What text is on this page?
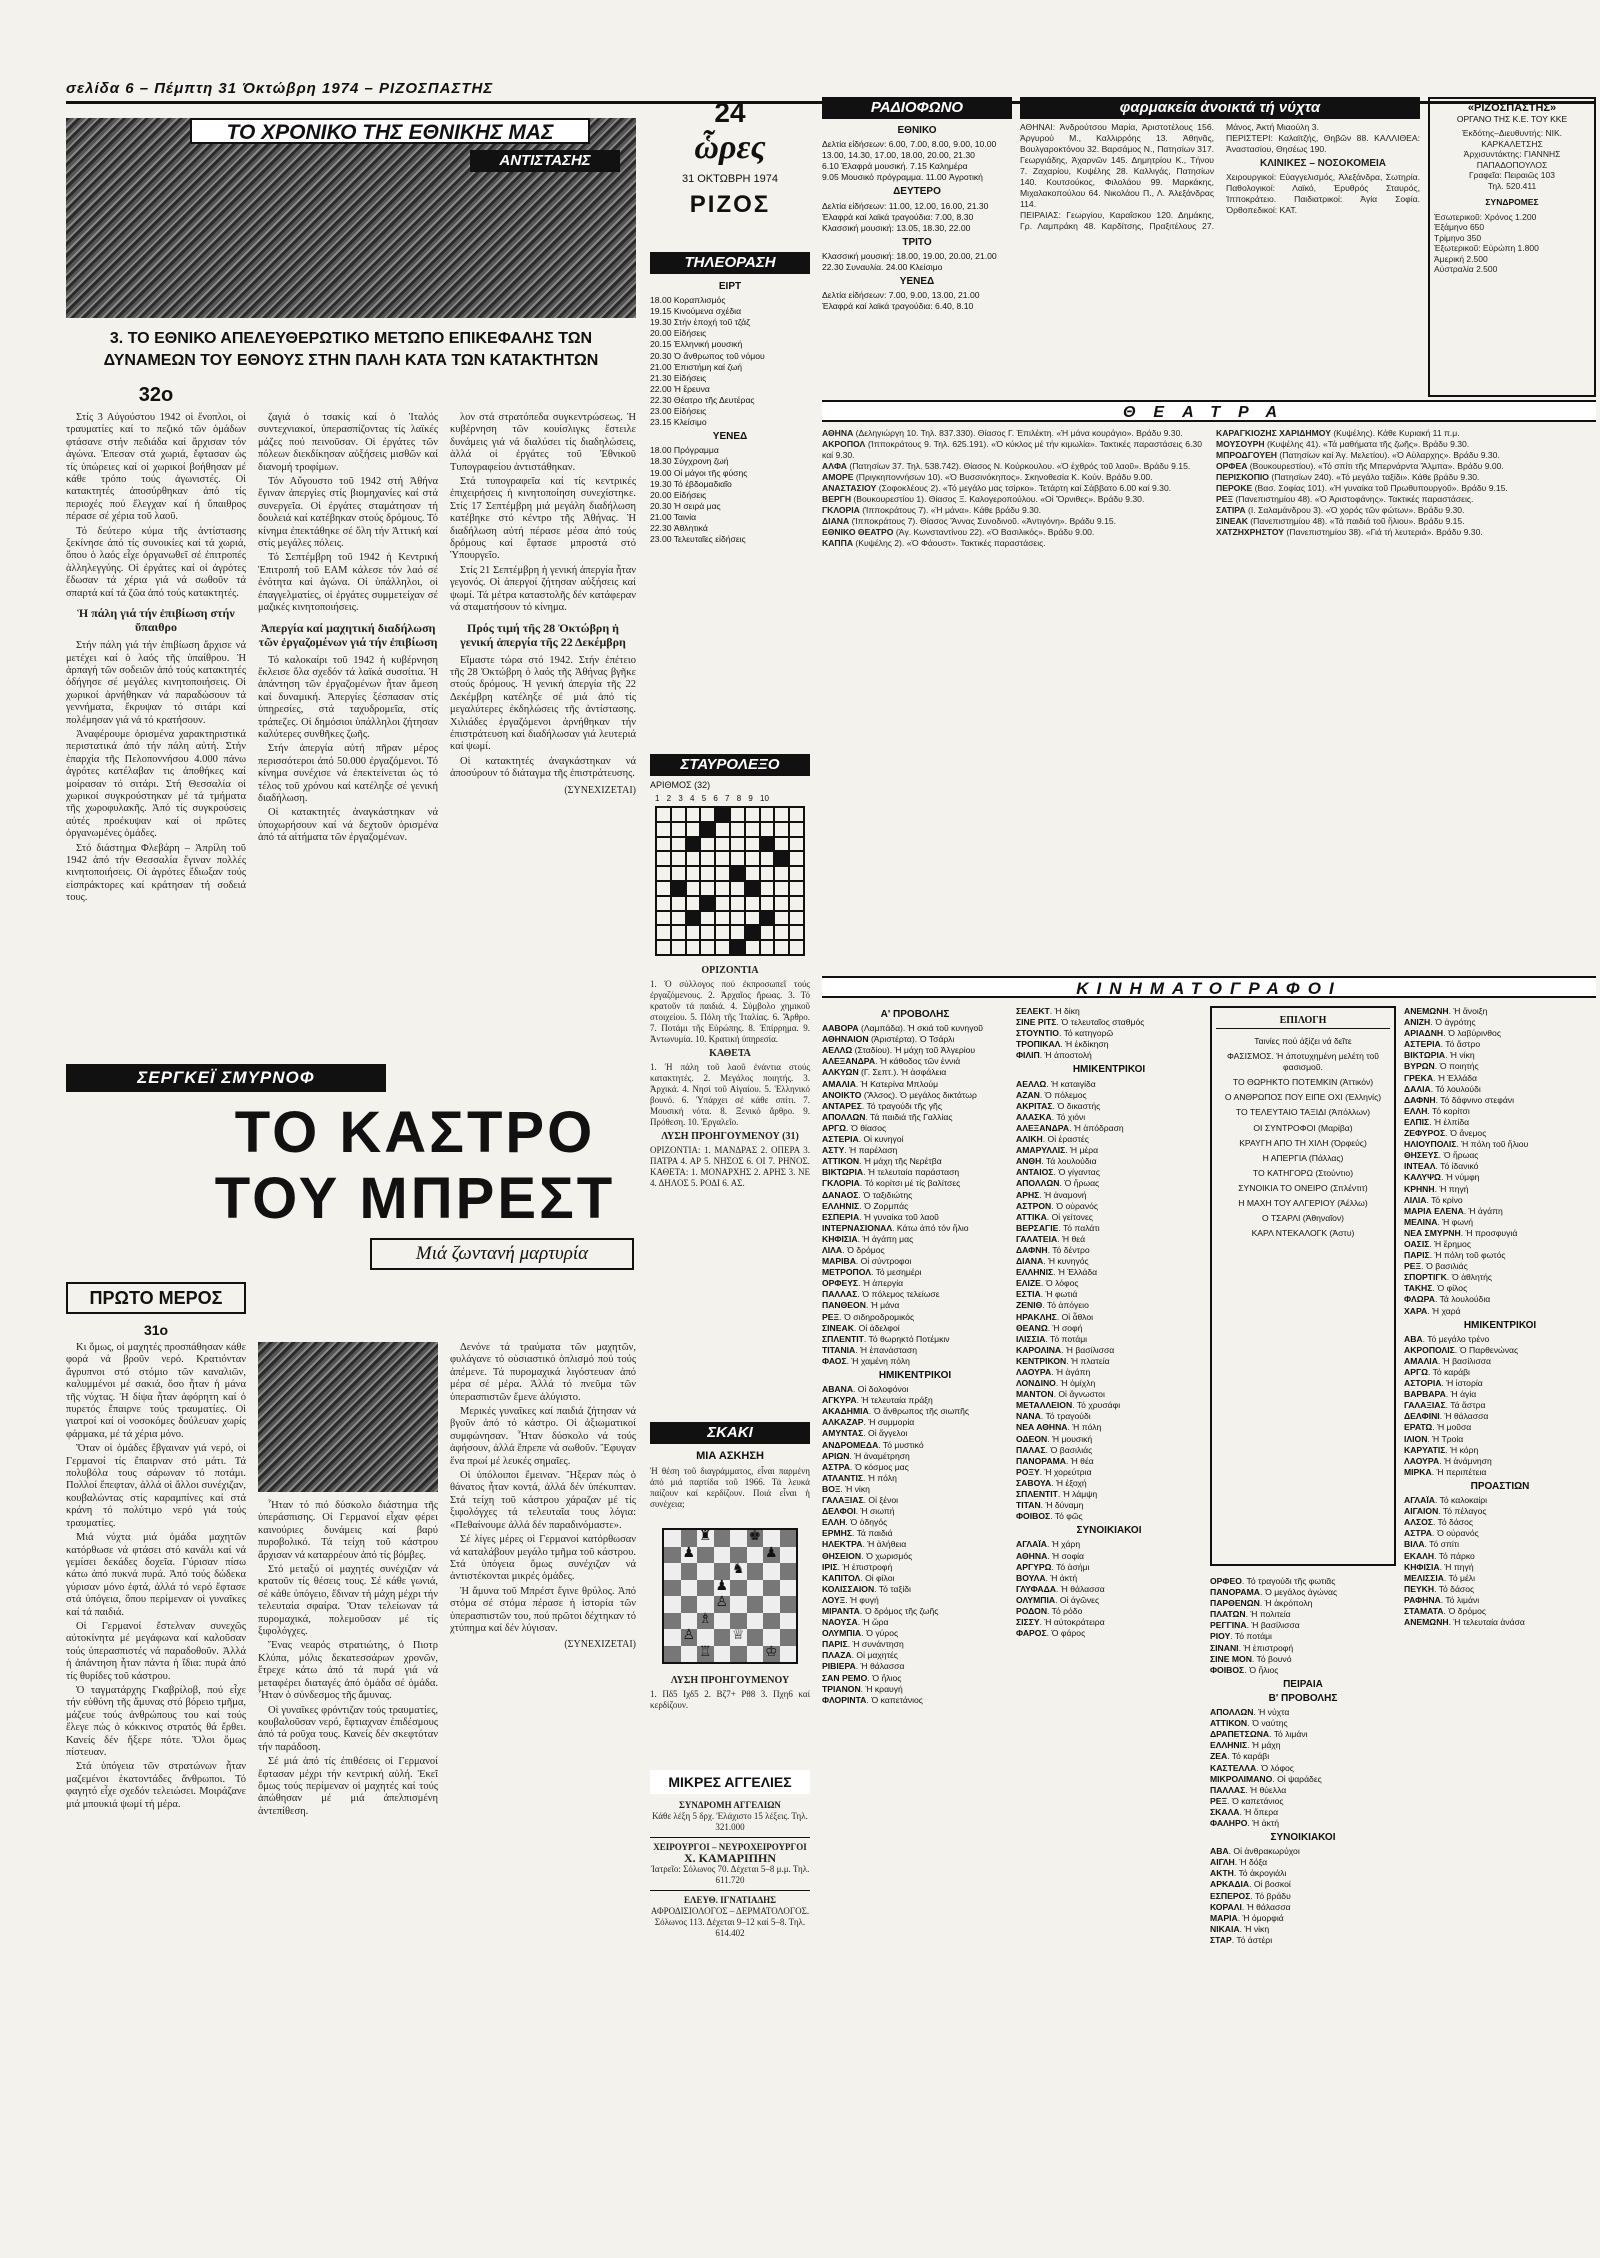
σελίδα 6 – Πέμπτη 31 Όκτώβρη 1974 – ΡΙΖΟΣΠΑΣΤΗΣ
ΤΟ ΧΡΟΝΙΚΟ ΤΗΣ ΕΘΝΙΚΗΣ ΜΑΣ
ΑΝΤΙΣΤΑΣΗΣ
3. ΤΟ ΕΘΝΙΚΟ ΑΠΕΛΕΥΘΕΡΩΤΙΚΟ ΜΕΤΩΠΟ ΕΠΙΚΕΦΑΛΗΣ ΤΩΝ ΔΥΝΑΜΕΩΝ ΤΟΥ ΕΘΝΟΥΣ ΣΤΗΝ ΠΑΛΗ ΚΑΤΑ ΤΩΝ ΚΑΤΑΚΤΗΤΩΝ
32ο

Στίς 3 Αὐγούστου 1942 οἱ ἔνοπλοι, οἱ τραυματίες καί το πεζικό τῶν ὁμάδων φτάσανε στήν πεδιάδα καί ἄρχισαν τόν ἀγώνα. Ἐπεσαν στά χωριά, ἔφτασαν ὡς τίς ὑπώρειες καί οἱ χωρικοί βοήθησαν μέ κάθε τρόπο τούς ἀγωνιστές. Οἱ κατακτητές ἀποσύρθηκαν ἀπό τίς περιοχές πού ἔλεγχαν καί ἡ ὕπαιθρος πέρασε σέ χέρια τοῦ λαοῦ.

Τό δεύτερο κύμα τῆς ἀντίστασης ξεκίνησε ἀπό τίς συνοικίες καί τά χωριά, ὅπου ὁ λαός εἶχε ὀργανωθεῖ σέ ἐπιτροπές ἀλληλεγγύης. Οἱ ἐργάτες καί οἱ ἀγρότες ἔδωσαν τά χέρια γιά νά σωθοῦν τά σπαρτά καί τά ζῶα ἀπό τούς κατακτητές.

Ἡ πάλη γιά τήν ἐπιβίωση στήν ὕπαιθρο

Στήν πάλη γιά τήν ἐπιβίωση ἄρχισε νά μετέχει καί ὁ λαός τῆς ὑπαίθρου. Ἡ ἀρπαγή τῶν σοδειῶν ἀπό τούς κατακτητές ὁδήγησε σέ μεγάλες κινητοποιήσεις. Οἱ χωρικοί ἀρνήθηκαν νά παραδώσουν τά γεννήματα, ἔκρυψαν τό σιτάρι καί πολέμησαν γιά νά τό κρατήσουν.

Ἀναφέρουμε ὁρισμένα χαρακτηριστικά περιστατικά ἀπό τήν πάλη αὐτή. Στήν ἐπαρχία τῆς Πελοποννήσου 4.000 πάνω ἀγρότες κατέλαβαν τις ἀποθήκες καί μοίρασαν τό σιτάρι. Στή Θεσσαλία οἱ χωρικοί συγκρούστηκαν μέ τά τμήματα τῆς χωροφυλακῆς. Ἀπό τίς συγκρούσεις αὐτές προέκυψαν καί οἱ πρῶτες ὀργανωμένες ὁμάδες.

Στό διάστημα Φλεβάρη – Ἀπρίλη τοῦ 1942 ἀπό τήν Θεσσαλία ἔγιναν πολλές κινητοποιήσεις. Οἱ ἀγρότες ἔδιωξαν τούς εἰσπράκτορες καί κράτησαν τή σοδειά τους.

ζαγιά ὁ τσακίς καί ὁ Ἰταλός συντεχνιακοί, ὑπερασπίζοντας τίς λαϊκές μάζες πού πεινοῦσαν. Οἱ ἐργάτες τῶν πόλεων διεκδίκησαν αὐξήσεις μισθῶν καί διανομή τροφίμων.

Τόν Αὔγουστο τοῦ 1942 στή Ἀθήνα ἔγιναν ἀπεργίες στίς βιομηχανίες καί στά συνεργεῖα. Οἱ ἐργάτες σταμάτησαν τή δουλειά καί κατέβηκαν στούς δρόμους. Τό κίνημα ἐπεκτάθηκε σέ ὅλη τήν Ἀττική καί στίς μεγάλες πόλεις.

Τό Σεπτέμβρη τοῦ 1942 ἡ Κεντρική Ἐπιτροπή τοῦ ΕΑΜ κάλεσε τόν λαό σέ ἐνότητα καί ἀγώνα. Οἱ ὑπάλληλοι, οἱ ἐπαγγελματίες, οἱ ἐργάτες συμμετείχαν σέ μαζικές κινητοποιήσεις.

Ἀπεργία καί μαχητική διαδήλωση τῶν ἐργαζομένων γιά τήν ἐπιβίωση

Τό καλοκαίρι τοῦ 1942 ἡ κυβέρνηση ἔκλεισε ὅλα σχεδόν τά λαϊκά συσσίτια. Ἡ ἀπάντηση τῶν ἐργαζομένων ἦταν ἄμεση καί δυναμική. Ἀπεργίες ξέσπασαν στίς ὑπηρεσίες, στά ταχυδρομεῖα, στίς τράπεζες. Οἱ δημόσιοι ὑπάλληλοι ζήτησαν καλύτερες συνθῆκες ζωῆς.

Στήν ἀπεργία αὐτή πῆραν μέρος περισσότεροι ἀπό 50.000 ἐργαζόμενοι. Τό κίνημα συνέχισε νά ἐπεκτείνεται ὡς τό τέλος τοῦ χρόνου καί κατέληξε σέ γενική διαδήλωση.

Οἱ κατακτητές ἀναγκάστηκαν νά ὑποχωρήσουν καί νά δεχτοῦν ὁρισμένα ἀπό τά αἰτήματα τῶν ἐργαζομένων.

λον στά στρατόπεδα συγκεντρώσεως. Ἡ κυβέρνηση τῶν κουίσλιγκς ἔστειλε δυνάμεις γιά νά διαλύσει τίς διαδηλώσεις, ἀλλά οἱ ἐργάτες τοῦ Ἐθνικοῦ Τυπογραφείου ἀντιστάθηκαν.

Στά τυπογραφεῖα καί τίς κεντρικές ἐπιχειρήσεις ἡ κινητοποίηση συνεχίστηκε. Στίς 17 Σεπτέμβρη μιά μεγάλη διαδήλωση κατέβηκε στό κέντρο τῆς Ἀθήνας. Ἡ διαδήλωση αὐτή πέρασε μέσα ἀπό τούς δρόμους καί ἔφτασε μπροστά στό Ὑπουργεῖο.

Στίς 21 Σεπτέμβρη ἡ γενική ἀπεργία ἦταν γεγονός. Οἱ ἀπεργοί ζήτησαν αὐξήσεις καί ψωμί. Τά μέτρα καταστολῆς δέν κατάφεραν νά σταματήσουν τό κίνημα.

Πρός τιμή τῆς 28 Ὀκτώβρη ἡ γενική ἀπεργία τῆς 22 Δεκέμβρη

Εἴμαστε τώρα στό 1942. Στήν ἐπέτειο τῆς 28 Ὀκτώβρη ὁ λαός τῆς Ἀθήνας βγῆκε στούς δρόμους. Ἡ γενική ἀπεργία τῆς 22 Δεκέμβρη κατέληξε σέ μιά ἀπό τίς μεγαλύτερες ἐκδηλώσεις τῆς ἀντίστασης. Χιλιάδες ἐργαζόμενοι ἀρνήθηκαν τήν ἐπιστράτευση καί διαδήλωσαν γιά λευτεριά καί ψωμί.

Οἱ κατακτητές ἀναγκάστηκαν νά ἀποσύρουν τό διάταγμα τῆς ἐπιστράτευσης.

(ΣΥΝΕΧΙΖΕΤΑΙ)
ΣΕΡΓΚΕΪ ΣΜΥΡΝΟΦ
ΤΟ ΚΑΣΤΡΟ
ΤΟΥ ΜΠΡΕΣΤ
Μιά ζωντανή μαρτυρία
ΠΡΩΤΟ ΜΕΡΟΣ
31ο

Κι ὅμως, οἱ μαχητές προσπάθησαν κάθε φορά νά βροῦν νερό. Κρατιόνταν ἄγρυπνοι στό στόμιο τῶν καναλιῶν, καλυμμένοι μέ σακιά, ὅσο ἦταν ἡ μάνα τῆς νύχτας. Ἡ δίψα ἦταν ἀφόρητη καί ὁ πυρετός ἔπαιρνε τούς τραυματίες. Οἱ γιατροί καί οἱ νοσοκόμες δούλευαν χωρίς φάρμακα, μέ τά χέρια μόνο.

Ὅταν οἱ ὁμάδες ἔβγαιναν γιά νερό, οἱ Γερμανοί τίς ἔπαιρναν στό μάτι. Τά πολυβόλα τους σάρωναν τό ποτάμι. Πολλοί ἔπεφταν, ἀλλά οἱ ἄλλοι συνέχιζαν, κουβαλώντας στίς καραμπίνες καί στά κράνη τό πολύτιμο νερό γιά τούς τραυματίες.

Μιά νύχτα μιά ὁμάδα μαχητῶν κατόρθωσε νά φτάσει στό κανάλι καί νά γεμίσει δεκάδες δοχεῖα. Γύρισαν πίσω κάτω ἀπό πυκνά πυρά. Ἀπό τούς δώδεκα γύρισαν μόνο ἑφτά, ἀλλά τό νερό ἔφτασε στά ὑπόγεια, ὅπου περίμεναν οἱ γυναῖκες καί τά παιδιά.

Οἱ Γερμανοί ἔστελναν συνεχῶς αὐτοκίνητα μέ μεγάφωνα καί καλοῦσαν τούς ὑπερασπιστές νά παραδοθοῦν. Ἀλλά ἡ ἀπάντηση ἦταν πάντα ἡ ἴδια: πυρά ἀπό τίς θυρίδες τοῦ κάστρου.

Ὁ ταγματάρχης Γκαβρίλοβ, πού εἶχε τήν εὐθύνη τῆς ἄμυνας στό βόρειο τμῆμα, μάζευε τούς ἀνθρώπους του καί τούς ἔλεγε πώς ὁ κόκκινος στρατός θά ἔρθει. Κανείς δέν ἤξερε πότε. Ὅλοι ὅμως πίστευαν.

Στά ὑπόγεια τῶν στρατώνων ἦταν μαζεμένοι ἑκατοντάδες ἄνθρωποι. Τό φαγητό εἶχε σχεδόν τελειώσει. Μοιράζανε μιά μπουκιά ψωμί τή μέρα.

Ἦταν τό πιό δύσκολο διάστημα τῆς ὑπεράσπισης. Οἱ Γερμανοί εἶχαν φέρει καινούριες δυνάμεις καί βαρύ πυροβολικό. Τά τείχη τοῦ κάστρου ἄρχισαν νά καταρρέουν ἀπό τίς βόμβες.

Στό μεταξύ οἱ μαχητές συνέχιζαν νά κρατοῦν τίς θέσεις τους. Σέ κάθε γωνιά, σέ κάθε ὑπόγειο, ἔδιναν τή μάχη μέχρι τήν τελευταία σφαίρα. Ὅταν τελείωναν τά πυρομαχικά, πολεμοῦσαν μέ τίς ξιφολόγχες.

Ἕνας νεαρός στρατιώτης, ὁ Πιοτρ Κλύπα, μόλις δεκατεσσάρων χρονῶν, ἔτρεχε κάτω ἀπό τά πυρά γιά νά μεταφέρει διαταγές ἀπό ὁμάδα σέ ὁμάδα. Ἦταν ὁ σύνδεσμος τῆς ἄμυνας.

Οἱ γυναῖκες φρόντιζαν τούς τραυματίες, κουβαλοῦσαν νερό, ἔφτιαχναν ἐπιδέσμους ἀπό τά ροῦχα τους. Κανείς δέν σκεφτόταν τήν παράδοση.

Σέ μιά ἀπό τίς ἐπιθέσεις οἱ Γερμανοί ἔφτασαν μέχρι τήν κεντρική αὐλή. Ἐκεῖ ὅμως τούς περίμεναν οἱ μαχητές καί τούς ἀπώθησαν μέ μιά ἀπελπισμένη ἀντεπίθεση.

Δενόνε τά τραύματα τῶν μαχητῶν, φυλάγανε τό οὐσιαστικό ὁπλισμό πού τούς ἀπέμενε. Τά πυρομαχικά λιγόστευαν ἀπό μέρα σέ μέρα. Ἀλλά τό πνεῦμα τῶν ὑπερασπιστῶν ἔμενε ἀλύγιστο.

Μερικές γυναῖκες καί παιδιά ζήτησαν νά βγοῦν ἀπό τό κάστρο. Οἱ ἀξιωματικοί συμφώνησαν. Ἦταν δύσκολο νά τούς ἀφήσουν, ἀλλά ἔπρεπε νά σωθοῦν. Ἔφυγαν ἕνα πρωί μέ λευκές σημαῖες.

Οἱ ὑπόλοιποι ἔμειναν. Ἤξεραν πώς ὁ θάνατος ἦταν κοντά, ἀλλά δέν ὑπέκυπταν. Στά τείχη τοῦ κάστρου χάραζαν μέ τίς ξιφολόγχες τά τελευταῖα τους λόγια: «Πεθαίνουμε ἀλλά δέν παραδινόμαστε».

Σέ λίγες μέρες οἱ Γερμανοί κατόρθωσαν νά καταλάβουν μεγάλο τμῆμα τοῦ κάστρου. Στά ὑπόγεια ὅμως συνέχιζαν νά ἀντιστέκονται μικρές ὁμάδες.

Ἡ ἄμυνα τοῦ Μπρέστ ἔγινε θρύλος. Ἀπό στόμα σέ στόμα πέρασε ἡ ἱστορία τῶν ὑπερασπιστῶν του, πού πρῶτοι δέχτηκαν τό χτύπημα καί δέν λύγισαν.

(ΣΥΝΕΧΙΖΕΤΑΙ)
24
ὧρες
31 ΟΚΤΩΒΡΗ 1974
ΡΙΖΟΣ
ΤΗΛΕΟΡΑΣΗ
ΕΙΡΤ
18.00 Κοραπλισμός
19.15 Κινούμενα σχέδια
19.30 Στήν ἐποχή τοῦ τζάζ
20.00 Εἰδήσεις
20.15 Ἐλληνική μουσική
20.30 Ὁ ἄνθρωπος τοῦ νόμου
21.00 Ἐπιστήμη καί ζωή
21.30 Εἰδήσεις
22.00 Ἡ ἔρευνα
22.30 Θέατρο τῆς Δευτέρας
23.00 Εἰδήσεις
23.15 Κλείσιμο
ΥΕΝΕΔ
18.00 Πρόγραμμα
18.30 Σύγχρονη ζωή
19.00 Οἱ μάγοι τῆς φύσης
19.30 Τό ἑβδομαδιαῖο
20.00 Εἰδήσεις
20.30 Ἡ σειρά μας
21.00 Ταινία
22.30 Ἀθλητικά
23.00 Τελευταῖες εἰδήσεις
ΣΤΑΥΡΟΛΕΞΟ
ΑΡΙΘΜΟΣ (32)
1 2 3 4 5 6 7 8 9 10
ΟΡΙΖΟΝΤΙΑ

1. Ὁ σύλλογος πού ἐκπροσωπεῖ τούς ἐργαζόμενους. 2. Ἀρχαῖος ἥρωας. 3. Τό κρατοῦν τά παιδιά. 4. Σύμβολο χημικοῦ στοιχείου. 5. Πόλη τῆς Ἰταλίας. 6. Ἄρθρο. 7. Ποτάμι τῆς Εὐρώπης. 8. Ἐπίρρημα. 9. Ἀντωνυμία. 10. Κρατική ὑπηρεσία.

ΚΑΘΕΤΑ

1. Ἡ πάλη τοῦ λαοῦ ἐνάντια στούς κατακτητές. 2. Μεγάλος ποιητής. 3. Ἀρχικά. 4. Νησί τοῦ Αἰγαίου. 5. Ἑλληνικό βουνό. 6. Ὑπάρχει σέ κάθε σπίτι. 7. Μουσική νότα. 8. Ξενικό ἄρθρο. 9. Πρόθεση. 10. Ἐργαλεῖο.

ΛΥΣΗ ΠΡΟΗΓΟΥΜΕΝΟΥ (31)

ΟΡΙΖΟΝΤΙΑ: 1. ΜΑΝΔΡΑΣ 2. ΟΠΕΡΑ 3. ΠΑΤΡΑ 4. ΑΡ 5. ΝΗΣΟΣ 6. ΟΙ 7. ΡΗΝΟΣ. ΚΑΘΕΤΑ: 1. ΜΟΝΑΡΧΗΣ 2. ΑΡΗΣ 3. ΝΕ 4. ΔΗΛΟΣ 5. ΡΟΔΙ 6. ΑΣ.

ΣΚΑΚΙ
ΜΙΑ ΑΣΚΗΣΗ

Ἡ θέση τοῦ διαγράμματος, εἶναι παρμένη ἀπό μιά παρτίδα τοῦ 1966. Τά λευκά παίζουν καί κερδίζουν. Ποιά εἶναι ἡ συνέχεια;

♜	♚
♟	♟
♞
♟
♙
♗
♙	♕
♖	♔
ΛΥΣΗ ΠΡΟΗΓΟΥΜΕΝΟΥ

1. Πδ5 Ιχδ5 2. Βζ7+ Ρθ8 3. Πχη6 καί κερδίζουν.

ΜΙΚΡΕΣ ΑΓΓΕΛΙΕΣ
ΣΥΝΔΡΟΜΗ ΑΓΓΕΛΙΩΝ

Κάθε λέξη 5 δρχ. Ἐλάχιστο 15 λέξεις. Τηλ. 321.000

ΧΕΙΡΟΥΡΓΟΙ – ΝΕΥΡΟΧΕΙΡΟΥΡΓΟΙ
Χ. ΚΑΜΑΡΙΠΗΝ

Ἰατρεῖο: Σόλωνος 70. Δέχεται 5–8 μ.μ. Τηλ. 611.720

ΕΛΕΥΘ. ΙΓΝΑΤΙΑΔΗΣ

ΑΦΡΟΔΙΣΙΟΛΟΓΟΣ – ΔΕΡΜΑΤΟΛΟΓΟΣ. Σόλωνος 113. Δέχεται 9–12 καί 5–8. Τηλ. 614.402

ΡΑΔΙΟΦΩΝΟ
ΕΘΝΙΚΟ
Δελτία εἰδήσεων: 6.00, 7.00, 8.00, 9.00, 10.00
13.00, 14.30, 17.00, 18.00, 20.00, 21.30
6.10 Ἐλαφρά μουσική. 7.15 Καλημέρα
9.05 Μουσικό πρόγραμμα. 11.00 Ἀγροτική
ΔΕΥΤΕΡΟ
Δελτία εἰδήσεων: 11.00, 12.00, 16.00, 21.30
Ἐλαφρά καί λαϊκά τραγούδια: 7.00, 8.30
Κλασσική μουσική: 13.05, 18.30, 22.00
ΤΡΙΤΟ
Κλασσική μουσική: 18.00, 19.00, 20.00, 21.00
22.30 Συναυλία. 24.00 Κλείσιμο
ΥΕΝΕΔ
Δελτία εἰδήσεων: 7.00, 9.00, 13.00, 21.00
Ἐλαφρά καί λαϊκά τραγούδια: 6.40, 8.10
φαρμακεία ἀνοικτά τή νύχτα

ΑΘΗΝΑΙ: Ἀνδρούτσου Μαρία, Ἀριστοτέλους 156. Ἀργυρού Μ., Καλλιρρόης 13. Ἀθηνᾶς, Βουλγαροκτόνου 32. Βαρσάμος Ν., Πατησίων 317. Γεωργιάδης, Ἀχαρνῶν 145. Δημητρίου Κ., Τήνου 7. Ζαχαρίου, Κυψέλης 28. Καλλιγάς, Πατησίων 140. Κουτσούκος, Φιλολάου 99. Μαρκάκης, Μιχαλακοπούλου 64. Νικολάου Π., Λ. Ἀλεξάνδρας 114.

ΠΕΙΡΑΙΑΣ: Γεωργίου, Καραΐσκου 120. Δημάκης, Γρ. Λαμπράκη 48. Καρδίτσης, Πραξιτέλους 27. Μάνος, Ἀκτή Μιαούλη 3.

ΠΕΡΙΣΤΕΡΙ: Καλαϊτζής, Θηβῶν 88. ΚΑΛΛΙΘΕΑ: Ἀναστασίου, Θησέως 190.

ΚΛΙΝΙΚΕΣ – ΝΟΣΟΚΟΜΕΙΑ

Χειρουργικοί: Εὐαγγελισμός, Ἀλεξάνδρα, Σωτηρία. Παθολογικοί: Λαϊκό, Ἐρυθρός Σταυρός, Ἱπποκράτειο. Παιδιατρικοί: Ἀγία Σοφία. Ὀρθοπεδικοί: ΚΑΤ.

«ΡΙΖΟΣΠΑΣΤΗΣ»
ΟΡΓΑΝΟ ΤΗΣ Κ.Ε. ΤΟΥ ΚΚΕ
Ἐκδότης–Διευθυντής: ΝΙΚ. ΚΑΡΚΑΛΕΤΣΗΣ
Ἀρχισυντάκτης: ΓΙΑΝΝΗΣ ΠΑΠΑΔΟΠΟΥΛΟΣ
Γραφεῖα: Πειραιῶς 103
Τηλ. 520.411
ΣΥΝΔΡΟΜΕΣ
Ἐσωτερικοῦ: Χρόνος 1.200
Ἑξάμηνο 650
Τρίμηνο 350
Ἐξωτερικοῦ: Εὐρώπη 1.800
Ἀμερική 2.500
Αὐστραλία 2.500
ΘΕΑΤΡΑ

ΑΘΗΝΑ (Δεληγιώργη 10. Τηλ. 837.330). Θίασος Γ. Ἐπιλέκτη. «Ἡ μάνα κουράγιο». Βράδυ 9.30.

ΑΚΡΟΠΟΛ (Ἱπποκράτους 9. Τηλ. 625.191). «Ὁ κύκλος μέ τήν κιμωλία». Τακτικές παραστάσεις 6.30 καί 9.30.

ΑΛΦΑ (Πατησίων 37. Τηλ. 538.742). Θίασος Ν. Κούρκουλου. «Ὁ ἐχθρός τοῦ λαοῦ». Βράδυ 9.15.

ΑΜΟΡΕ (Πριγκηποννήσων 10). «Ὁ Βυσσινόκηπος». Σκηνοθεσία Κ. Κούν. Βράδυ 9.00.

ΑΝΑΣΤΑΣΙΟΥ (Σοφοκλέους 2). «Τό μεγάλο μας τσίρκο». Τετάρτη καί Σάββατο 6.00 καί 9.30.

ΒΕΡΓΗ (Βουκουρεστίου 1). Θίασος Ξ. Καλογεροπούλου. «Οἱ Ὄρνιθες». Βράδυ 9.30.

ΓΚΛΟΡΙΑ (Ἱπποκράτους 7). «Ἡ μάνα». Κάθε βράδυ 9.30.

ΔΙΑΝΑ (Ἱπποκράτους 7). Θίασος Ἄννας Συνοδινοῦ. «Ἀντιγόνη». Βράδυ 9.15.

ΕΘΝΙΚΟ ΘΕΑΤΡΟ (Ἀγ. Κωνσταντίνου 22). «Ὁ Βασιλικός». Βράδυ 9.00.

ΚΑΠΠΑ (Κυψέλης 2). «Ὁ Φάουστ». Τακτικές παραστάσεις.

ΚΑΡΑΓΚΙΟΖΗΣ ΧΑΡΙΔΗΜΟΥ (Κυψέλης). Κάθε Κυριακή 11 π.μ.

ΜΟΥΣΟΥΡΗ (Κυψέλης 41). «Τά μαθήματα τῆς ζωῆς». Βράδυ 9.30.

ΜΠΡΟΔΓΟΥΕΗ (Πατησίων καί Ἀγ. Μελετίου). «Ὁ Αὐλαρχης». Βράδυ 9.30.

ΟΡΦΕΑ (Βουκουρεστίου). «Τό σπίτι τῆς Μπερνάρντα Ἄλμπα». Βράδυ 9.00.

ΠΕΡΙΣΚΟΠΙΟ (Πατησίων 240). «Τό μεγάλο ταξίδι». Κάθε βράδυ 9.30.

ΠΕΡΟΚΕ (Βασ. Σοφίας 101). «Ἡ γυναίκα τοῦ Πρωθυπουργοῦ». Βράδυ 9.15.

ΡΕΞ (Πανεπιστημίου 48). «Ὁ Ἀριστοφάνης». Τακτικές παραστάσεις.

ΣΑΤΙΡΑ (Ι. Σαλαμάνδρου 3). «Ὁ χορός τῶν φώτων». Βράδυ 9.30.

ΣΙΝΕΑΚ (Πανεπιστημίου 48). «Τά παιδιά τοῦ ἥλιου». Βράδυ 9.15.

ΧΑΤΖΗΧΡΗΣΤΟΥ (Πανεπιστημίου 38). «Γιά τή λευτεριά». Βράδυ 9.30.

ΚΙΝΗΜΑΤΟΓΡΑΦΟΙ
Α' ΠΡΟΒΟΛΗΣ
ΑΑΒΟΡΑ (Λαμπάδα). Ἡ σκιά τοῦ κυνηγοῦ
ΑΘΗΝΑΙΟΝ (Ἀριστέρτα). Ὁ Τσάρλι
ΑΕΛΛΩ (Σταδίου). Ἡ μάχη τοῦ Ἀλγερίου
ΑΛΕΞΑΝΔΡΑ. Ἡ κάθοδος τῶν ἐννιά
ΑΛΚΥΩΝ (Γ. Σεπτ.). Ἡ ἀσφάλεια
ΑΜΑΛΙΑ. Ἡ Κατερίνα Μπλούμ
ΑΝΟΙΚΤΟ (Ἄλσος). Ὁ μεγάλος δικτάτωρ
ΑΝΤΑΡΕΣ. Τό τραγούδι τῆς γῆς
ΑΠΟΛΛΩΝ. Τά παιδιά τῆς Γαλλίας
ΑΡΓΩ. Ὁ θίασος
ΑΣΤΕΡΙΑ. Οἱ κυνηγοί
ΑΣΤΥ. Ἡ παρέλαση
ΑΤΤΙΚΟΝ. Ἡ μάχη τῆς Νερέτβα
ΒΙΚΤΩΡΙΑ. Ἡ τελευταία παράσταση
ΓΚΛΟΡΙΑ. Τό κορίτσι μέ τίς βαλίτσες
ΔΑΝΑΟΣ. Ὁ ταξιδιώτης
ΕΛΛΗΝΙΣ. Ὁ Ζορμπάς
ΕΣΠΕΡΙΑ. Ἡ γυναίκα τοῦ λαοῦ
ΙΝΤΕΡΝΑΣΙΟΝΑΛ. Κάτω ἀπό τόν ἥλιο
ΚΗΦΙΣΙΑ. Ἡ ἀγάπη μας
ΛΙΛΑ. Ὁ δρόμος
ΜΑΡΙΒΑ. Οἱ σύντροφοι
ΜΕΤΡΟΠΟΛ. Τό μεσημέρι
ΟΡΦΕΥΣ. Ἡ ἀπεργία
ΠΑΛΛΑΣ. Ὁ πόλεμος τελείωσε
ΠΑΝΘΕΟΝ. Ἡ μάνα
ΡΕΞ. Ὁ σιδηροδρομικός
ΣΙΝΕΑΚ. Οἱ ἀδελφοί
ΣΠΛΕΝΤΙΤ. Τό θωρηκτό Ποτέμκιν
ΤΙΤΑΝΙΑ. Ἡ ἐπανάσταση
ΦΑΟΣ. Ἡ χαμένη πόλη
ΗΜΙΚΕΝΤΡΙΚΟΙ
ΑΒΑΝΑ. Οἱ δολοφόνοι
ΑΓΚΥΡΑ. Ἡ τελευταία πράξη
ΑΚΑΔΗΜΙΑ. Ὁ ἄνθρωπος τῆς σιωπῆς
ΑΛΚΑΖΑΡ. Ἡ συμμορία
ΑΜΥΝΤΑΣ. Οἱ ἄγγελοι
ΑΝΔΡΟΜΕΔΑ. Τό μυστικό
ΑΡΙΩΝ. Ἡ ἀναμέτρηση
ΑΣΤΡΑ. Ὁ κόσμος μας
ΑΤΛΑΝΤΙΣ. Ἡ πόλη
ΒΟΞ. Ἡ νίκη
ΓΑΛΑΞΙΑΣ. Οἱ ξένοι
ΔΕΛΦΟΙ. Ἡ σιωπή
ΕΛΛΗ. Ὁ ὁδηγός
ΕΡΜΗΣ. Τά παιδιά
ΗΛΕΚΤΡΑ. Ἡ ἀλήθεια
ΘΗΣΕΙΟΝ. Ὁ χωρισμός
ΙΡΙΣ. Ἡ ἐπιστροφή
ΚΑΠΙΤΟΛ. Οἱ φίλοι
ΚΟΛΙΣΣΑΙΟΝ. Τό ταξίδι
ΛΟΥΞ. Ἡ φυγή
ΜΙΡΑΝΤΑ. Ὁ δρόμος τῆς ζωῆς
ΝΑΟΥΣΑ. Ἡ ὥρα
ΟΛΥΜΠΙΑ. Ὁ γύρος
ΠΑΡΙΣ. Ἡ συνάντηση
ΠΛΑΖΑ. Οἱ μαχητές
ΡΙΒΙΕΡΑ. Ἡ θάλασσα
ΣΑΝ ΡΕΜΟ. Ὁ ἥλιος
ΤΡΙΑΝΟΝ. Ἡ κραυγή
ΦΛΟΡΙΝΤΑ. Ὁ καπετάνιος
ΣΕΛΕΚΤ. Ἡ δίκη
ΣΙΝΕ ΡΙΤΣ. Ὁ τελευταῖος σταθμός
ΣΤΟΥΝΤΙΟ. Τό κατηγορῶ
ΤΡΟΠΙΚΑΛ. Ἡ ἐκδίκηση
ΦΙΛΙΠ. Ἡ ἀποστολή
ΗΜΙΚΕΝΤΡΙΚΟΙ
ΑΕΛΛΩ. Ἡ καταιγίδα
ΑΖΑΝ. Ὁ πόλεμος
ΑΚΡΙΤΑΣ. Ὁ δικαστής
ΑΛΑΣΚΑ. Τό χιόνι
ΑΛΕΞΑΝΔΡΑ. Ἡ ἀπόδραση
ΑΛΙΚΗ. Οἱ ἐραστές
ΑΜΑΡΥΛΛΙΣ. Ἡ μέρα
ΑΝΘΗ. Τά λουλούδια
ΑΝΤΑΙΟΣ. Ὁ γίγαντας
ΑΠΟΛΛΩΝ. Ὁ ἥρωας
ΑΡΗΣ. Ἡ ἀναμονή
ΑΣΤΡΟΝ. Ὁ οὐρανός
ΑΤΤΙΚΑ. Οἱ γείτονες
ΒΕΡΣΑΓΙΕ. Τό παλάτι
ΓΑΛΑΤΕΙΑ. Ἡ θεά
ΔΑΦΝΗ. Τό δέντρο
ΔΙΑΝΑ. Ἡ κυνηγός
ΕΛΛΗΝΙΣ. Ἡ Ἑλλάδα
ΕΛΙΖΕ. Ὁ λόφος
ΕΣΤΙΑ. Ἡ φωτιά
ΖΕΝΙΘ. Τό ἀπόγειο
ΗΡΑΚΛΗΣ. Οἱ ἆθλοι
ΘΕΑΝΩ. Ἡ σοφή
ΙΛΙΣΣΙΑ. Τό ποτάμι
ΚΑΡΟΛΙΝΑ. Ἡ βασίλισσα
ΚΕΝΤΡΙΚΟΝ. Ἡ πλατεία
ΛΑΟΥΡΑ. Ἡ ἀγάπη
ΛΟΝΔΙΝΟ. Ἡ ὁμίχλη
ΜΑΝΤΟΝ. Οἱ ἄγνωστοι
ΜΕΤΑΛΛΕΙΟΝ. Τό χρυσάφι
ΝΑΝΑ. Τό τραγούδι
ΝΕΑ ΑΘΗΝΑ. Ἡ πόλη
ΟΔΕΟΝ. Ἡ μουσική
ΠΑΛΑΣ. Ὁ βασιλιάς
ΠΑΝΟΡΑΜΑ. Ἡ θέα
ΡΟΞΥ. Ἡ χορεύτρια
ΣΑΒΟΥΑ. Ἡ ἐξοχή
ΣΠΛΕΝΤΙΤ. Ἡ λάμψη
ΤΙΤΑΝ. Ἡ δύναμη
ΦΟΙΒΟΣ. Τό φῶς
ΣΥΝΟΙΚΙΑΚΟΙ
ΑΓΛΑΪΑ. Ἡ χάρη
ΑΘΗΝΑ. Ἡ σοφία
ΑΡΓΥΡΩ. Τό ἀσήμι
ΒΟΥΛΑ. Ἡ ἀκτή
ΓΛΥΦΑΔΑ. Ἡ θάλασσα
ΟΛΥΜΠΙΑ. Οἱ ἀγῶνες
ΡΟΔΟΝ. Τό ρόδο
ΣΙΣΣΥ. Ἡ αὐτοκράτειρα
ΦΑΡΟΣ. Ὁ φάρος
ΕΠΙΛΟΓΗ

Ταινίες πού ἀξίζει νά δεῖτε

ΦΑΣΙΣΜΟΣ. Ἡ ἀποτυχημένη μελέτη τοῦ φασισμοῦ.

ΤΟ ΘΩΡΗΚΤΟ ΠΟΤΕΜΚΙΝ (Ἀττικόν)

Ο ΑΝΘΡΩΠΟΣ ΠΟΥ ΕΙΠΕ ΟΧΙ (Ἑλληνίς)

ΤΟ ΤΕΛΕΥΤΑΙΟ ΤΑΞΙΔΙ (Ἀπόλλων)

ΟΙ ΣΥΝΤΡΟΦΟΙ (Μαρίβα)

ΚΡΑΥΓΗ ΑΠΟ ΤΗ ΧΙΛΗ (Ὀρφεύς)

Η ΑΠΕΡΓΙΑ (Πάλλας)

ΤΟ ΚΑΤΗΓΟΡΩ (Στούντιο)

ΣΥΝΟΙΚΙΑ ΤΟ ΟΝΕΙΡΟ (Σπλέντιτ)

Η ΜΑΧΗ ΤΟΥ ΑΛΓΕΡΙΟΥ (Ἀέλλω)

Ο ΤΣΑΡΛΙ (Ἀθηναῖον)

ΚΑΡΛ ΝΤΕΚΑΛΟΓΚ (Ἀστυ)

ΟΡΦΕΟ. Τό τραγούδι τῆς φωτιᾶς
ΠΑΝΟΡΑΜΑ. Ὁ μεγάλος ἀγώνας
ΠΑΡΘΕΝΩΝ. Ἡ ἀκρόπολη
ΠΛΑΤΩΝ. Ἡ πολιτεία
ΡΕΓΓΙΝΑ. Ἡ βασίλισσα
ΡΙΟΥ. Τό ποτάμι
ΣΙΝΑΝΙ. Ἡ ἐπιστροφή
ΣΙΝΕ ΜΟΝ. Τό βουνό
ΦΟΙΒΟΣ. Ὁ ἥλιος
ΠΕΙΡΑΙΑ
Β' ΠΡΟΒΟΛΗΣ
ΑΠΟΛΛΩΝ. Ἡ νύχτα
ΑΤΤΙΚΟΝ. Ὁ ναύτης
ΔΡΑΠΕΤΣΩΝΑ. Τό λιμάνι
ΕΛΛΗΝΙΣ. Ἡ μάχη
ΖΕΑ. Τό καράβι
ΚΑΣΤΕΛΛΑ. Ὁ λόφος
ΜΙΚΡΟΛΙΜΑΝΟ. Οἱ ψαράδες
ΠΑΛΛΑΣ. Ἡ θύελλα
ΡΕΞ. Ὁ καπετάνιος
ΣΚΑΛΑ. Ἡ ὄπερα
ΦΑΛΗΡΟ. Ἡ ἀκτή
ΣΥΝΟΙΚΙΑΚΟΙ
ΑΒΑ. Οἱ ἀνθρακωρύχοι
ΑΙΓΛΗ. Ἡ δόξα
ΑΚΤΗ. Τό ἀκρογιάλι
ΑΡΚΑΔΙΑ. Οἱ βοσκοί
ΕΣΠΕΡΟΣ. Τό βράδυ
ΚΟΡΑΛΙ. Ἡ θάλασσα
ΜΑΡΙΑ. Ἡ ὀμορφιά
ΝΙΚΑΙΑ. Ἡ νίκη
ΣΤΑΡ. Τό ἀστέρι
ΑΝΕΜΩΝΗ. Ἡ ἄνοιξη
ΑΝΙΖΗ. Ὁ ἀγρότης
ΑΡΙΑΔΝΗ. Ὁ λαβύρινθος
ΑΣΤΕΡΙΑ. Τό ἄστρο
ΒΙΚΤΩΡΙΑ. Ἡ νίκη
ΒΥΡΩΝ. Ὁ ποιητής
ΓΡΕΚΑ. Ἡ Ἑλλάδα
ΔΑΛΙΑ. Τό λουλούδι
ΔΑΦΝΗ. Τό δάφνινο στεφάνι
ΕΛΛΗ. Τό κορίτσι
ΕΛΠΙΣ. Ἡ ἐλπίδα
ΖΕΦΥΡΟΣ. Ὁ ἄνεμος
ΗΛΙΟΥΠΟΛΙΣ. Ἡ πόλη τοῦ ἥλιου
ΘΗΣΕΥΣ. Ὁ ἥρωας
ΙΝΤΕΑΛ. Τό ἰδανικό
ΚΑΛΥΨΩ. Ἡ νύμφη
ΚΡΗΝΗ. Ἡ πηγή
ΛΙΛΙΑ. Τό κρίνο
ΜΑΡΙΑ ΕΛΕΝΑ. Ἡ ἀγάπη
ΜΕΛΙΝΑ. Ἡ φωνή
ΝΕΑ ΣΜΥΡΝΗ. Ἡ προσφυγιά
ΟΑΣΙΣ. Ἡ ἔρημος
ΠΑΡΙΣ. Ἡ πόλη τοῦ φωτός
ΡΕΞ. Ὁ βασιλιάς
ΣΠΟΡΤΙΓΚ. Ὁ ἀθλητής
ΤΑΚΗΣ. Ὁ φίλος
ΦΛΩΡΑ. Τά λουλούδια
ΧΑΡΑ. Ἡ χαρά
ΗΜΙΚΕΝΤΡΙΚΟΙ
ΑΒΑ. Τό μεγάλο τρένο
ΑΚΡΟΠΟΛΙΣ. Ὁ Παρθενώνας
ΑΜΑΛΙΑ. Ἡ βασίλισσα
ΑΡΓΩ. Τό καράβι
ΑΣΤΟΡΙΑ. Ἡ ἱστορία
ΒΑΡΒΑΡΑ. Ἡ ἁγία
ΓΑΛΑΞΙΑΣ. Τά ἄστρα
ΔΕΛΦΙΝΙ. Ἡ θάλασσα
ΕΡΑΤΩ. Ἡ μοῦσα
ΙΛΙΟΝ. Ἡ Τροία
ΚΑΡΥΑΤΙΣ. Ἡ κόρη
ΛΑΟΥΡΑ. Ἡ ἀνάμνηση
ΜΙΡΚΑ. Ἡ περιπέτεια
ΠΡΟΑΣΤΙΩΝ
ΑΓΛΑΪΑ. Τό καλοκαίρι
ΑΙΓΑΙΟΝ. Τό πέλαγος
ΑΛΣΟΣ. Τό δάσος
ΑΣΤΡΑ. Ὁ οὐρανός
ΒΙΛΑ. Τό σπίτι
ΕΚΑΛΗ. Τό πάρκο
ΚΗΦΙΣΙΑ. Ἡ πηγή
ΜΕΛΙΣΣΙΑ. Τό μέλι
ΠΕΥΚΗ. Τό δάσος
ΡΑΦΗΝΑ. Τό λιμάνι
ΣΤΑΜΑΤΑ. Ὁ δρόμος
ΑΝΕΜΩΝΗ. Ἡ τελευταία ἀνάσα
